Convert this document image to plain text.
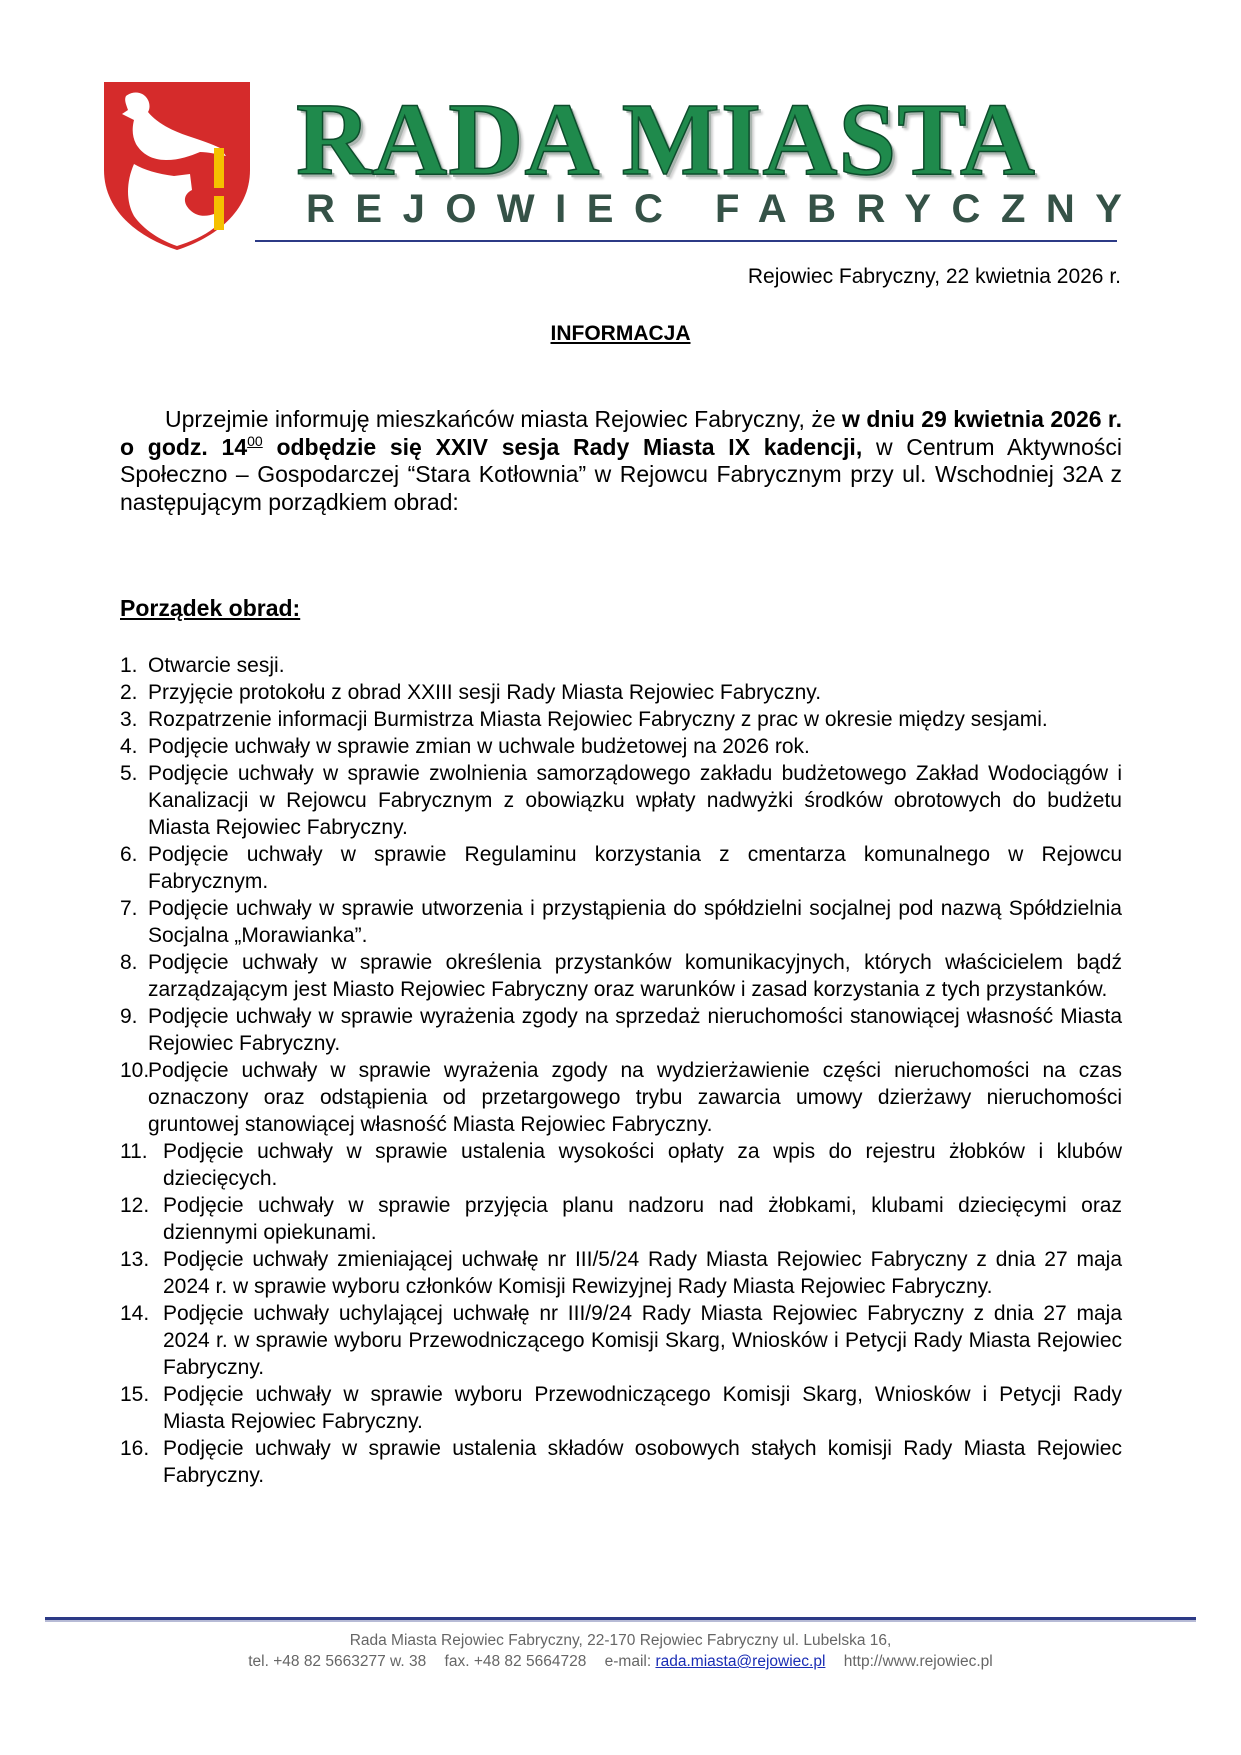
RADA MIASTA
REJOWIEC FABRYCZNY
Rejowiec Fabryczny, 22 kwietnia 2026 r.
INFORMACJA

Uprzejmie informuję mieszkańców miasta Rejowiec Fabryczny, że w dniu 29 kwietnia 2026 r. o godz. $14^{00}$ odbędzie się XXIV sesja Rady Miasta IX kadencji, w Centrum Aktywności Społeczno – Gospodarczej “Stara Kotłownia” w Rejowcu Fabrycznym przy ul. Wschodniej 32A z następującym porządkiem obrad:

Porządek obrad:
1. Otwarcie sesji.
2. Przyjęcie protokołu z obrad XXIII sesji Rady Miasta Rejowiec Fabryczny.
3. Rozpatrzenie informacji Burmistrza Miasta Rejowiec Fabryczny z prac w okresie między sesjami.
4. Podjęcie uchwały w sprawie zmian w uchwale budżetowej na 2026 rok.
5. Podjęcie uchwały w sprawie zwolnienia samorządowego zakładu budżetowego Zakład Wodociągów i Kanalizacji w Rejowcu Fabrycznym z obowiązku wpłaty nadwyżki środków obrotowych do budżetu Miasta Rejowiec Fabryczny.
6. Podjęcie uchwały w sprawie Regulaminu korzystania z cmentarza komunalnego w Rejowcu Fabrycznym.
7. Podjęcie uchwały w sprawie utworzenia i przystąpienia do spółdzielni socjalnej pod nazwą Spółdzielnia Socjalna „Morawianka”.
8. Podjęcie uchwały w sprawie określenia przystanków komunikacyjnych, których właścicielem bądź zarządzającym jest Miasto Rejowiec Fabryczny oraz warunków i zasad korzystania z tych przystanków.
9. Podjęcie uchwały w sprawie wyrażenia zgody na sprzedaż nieruchomości stanowiącej własność Miasta Rejowiec Fabryczny.
10.
Podjęcie uchwały w sprawie wyrażenia zgody na wydzierżawienie części nieruchomości na czas oznaczony oraz odstąpienia od przetargowego trybu zawarcia umowy dzierżawy nieruchomości gruntowej stanowiącej własność Miasta Rejowiec Fabryczny.
11. Podjęcie uchwały w sprawie ustalenia wysokości opłaty za wpis do rejestru żłobków i klubów dziecięcych.
12. Podjęcie uchwały w sprawie przyjęcia planu nadzoru nad żłobkami, klubami dziecięcymi oraz dziennymi opiekunami.
13. Podjęcie uchwały zmieniającej uchwałę nr III/5/24 Rady Miasta Rejowiec Fabryczny z dnia 27 maja 2024 r. w sprawie wyboru członków Komisji Rewizyjnej Rady Miasta Rejowiec Fabryczny.
14. Podjęcie uchwały uchylającej uchwałę nr III/9/24 Rady Miasta Rejowiec Fabryczny z dnia 27 maja 2024 r. w sprawie wyboru Przewodniczącego Komisji Skarg, Wniosków i Petycji Rady Miasta Rejowiec Fabryczny.
15. Podjęcie uchwały w sprawie wyboru Przewodniczącego Komisji Skarg, Wniosków i Petycji Rady Miasta Rejowiec Fabryczny.
16. Podjęcie uchwały w sprawie ustalenia składów osobowych stałych komisji Rady Miasta Rejowiec Fabryczny.
Rada Miasta Rejowiec Fabryczny, 22-170 Rejowiec Fabryczny ul. Lubelska 16,
tel. +48 82 5663277 w. 38 fax. +48 82 5664728 e-mail: rada.miasta@rejowiec.pl http://www.rejowiec.pl
